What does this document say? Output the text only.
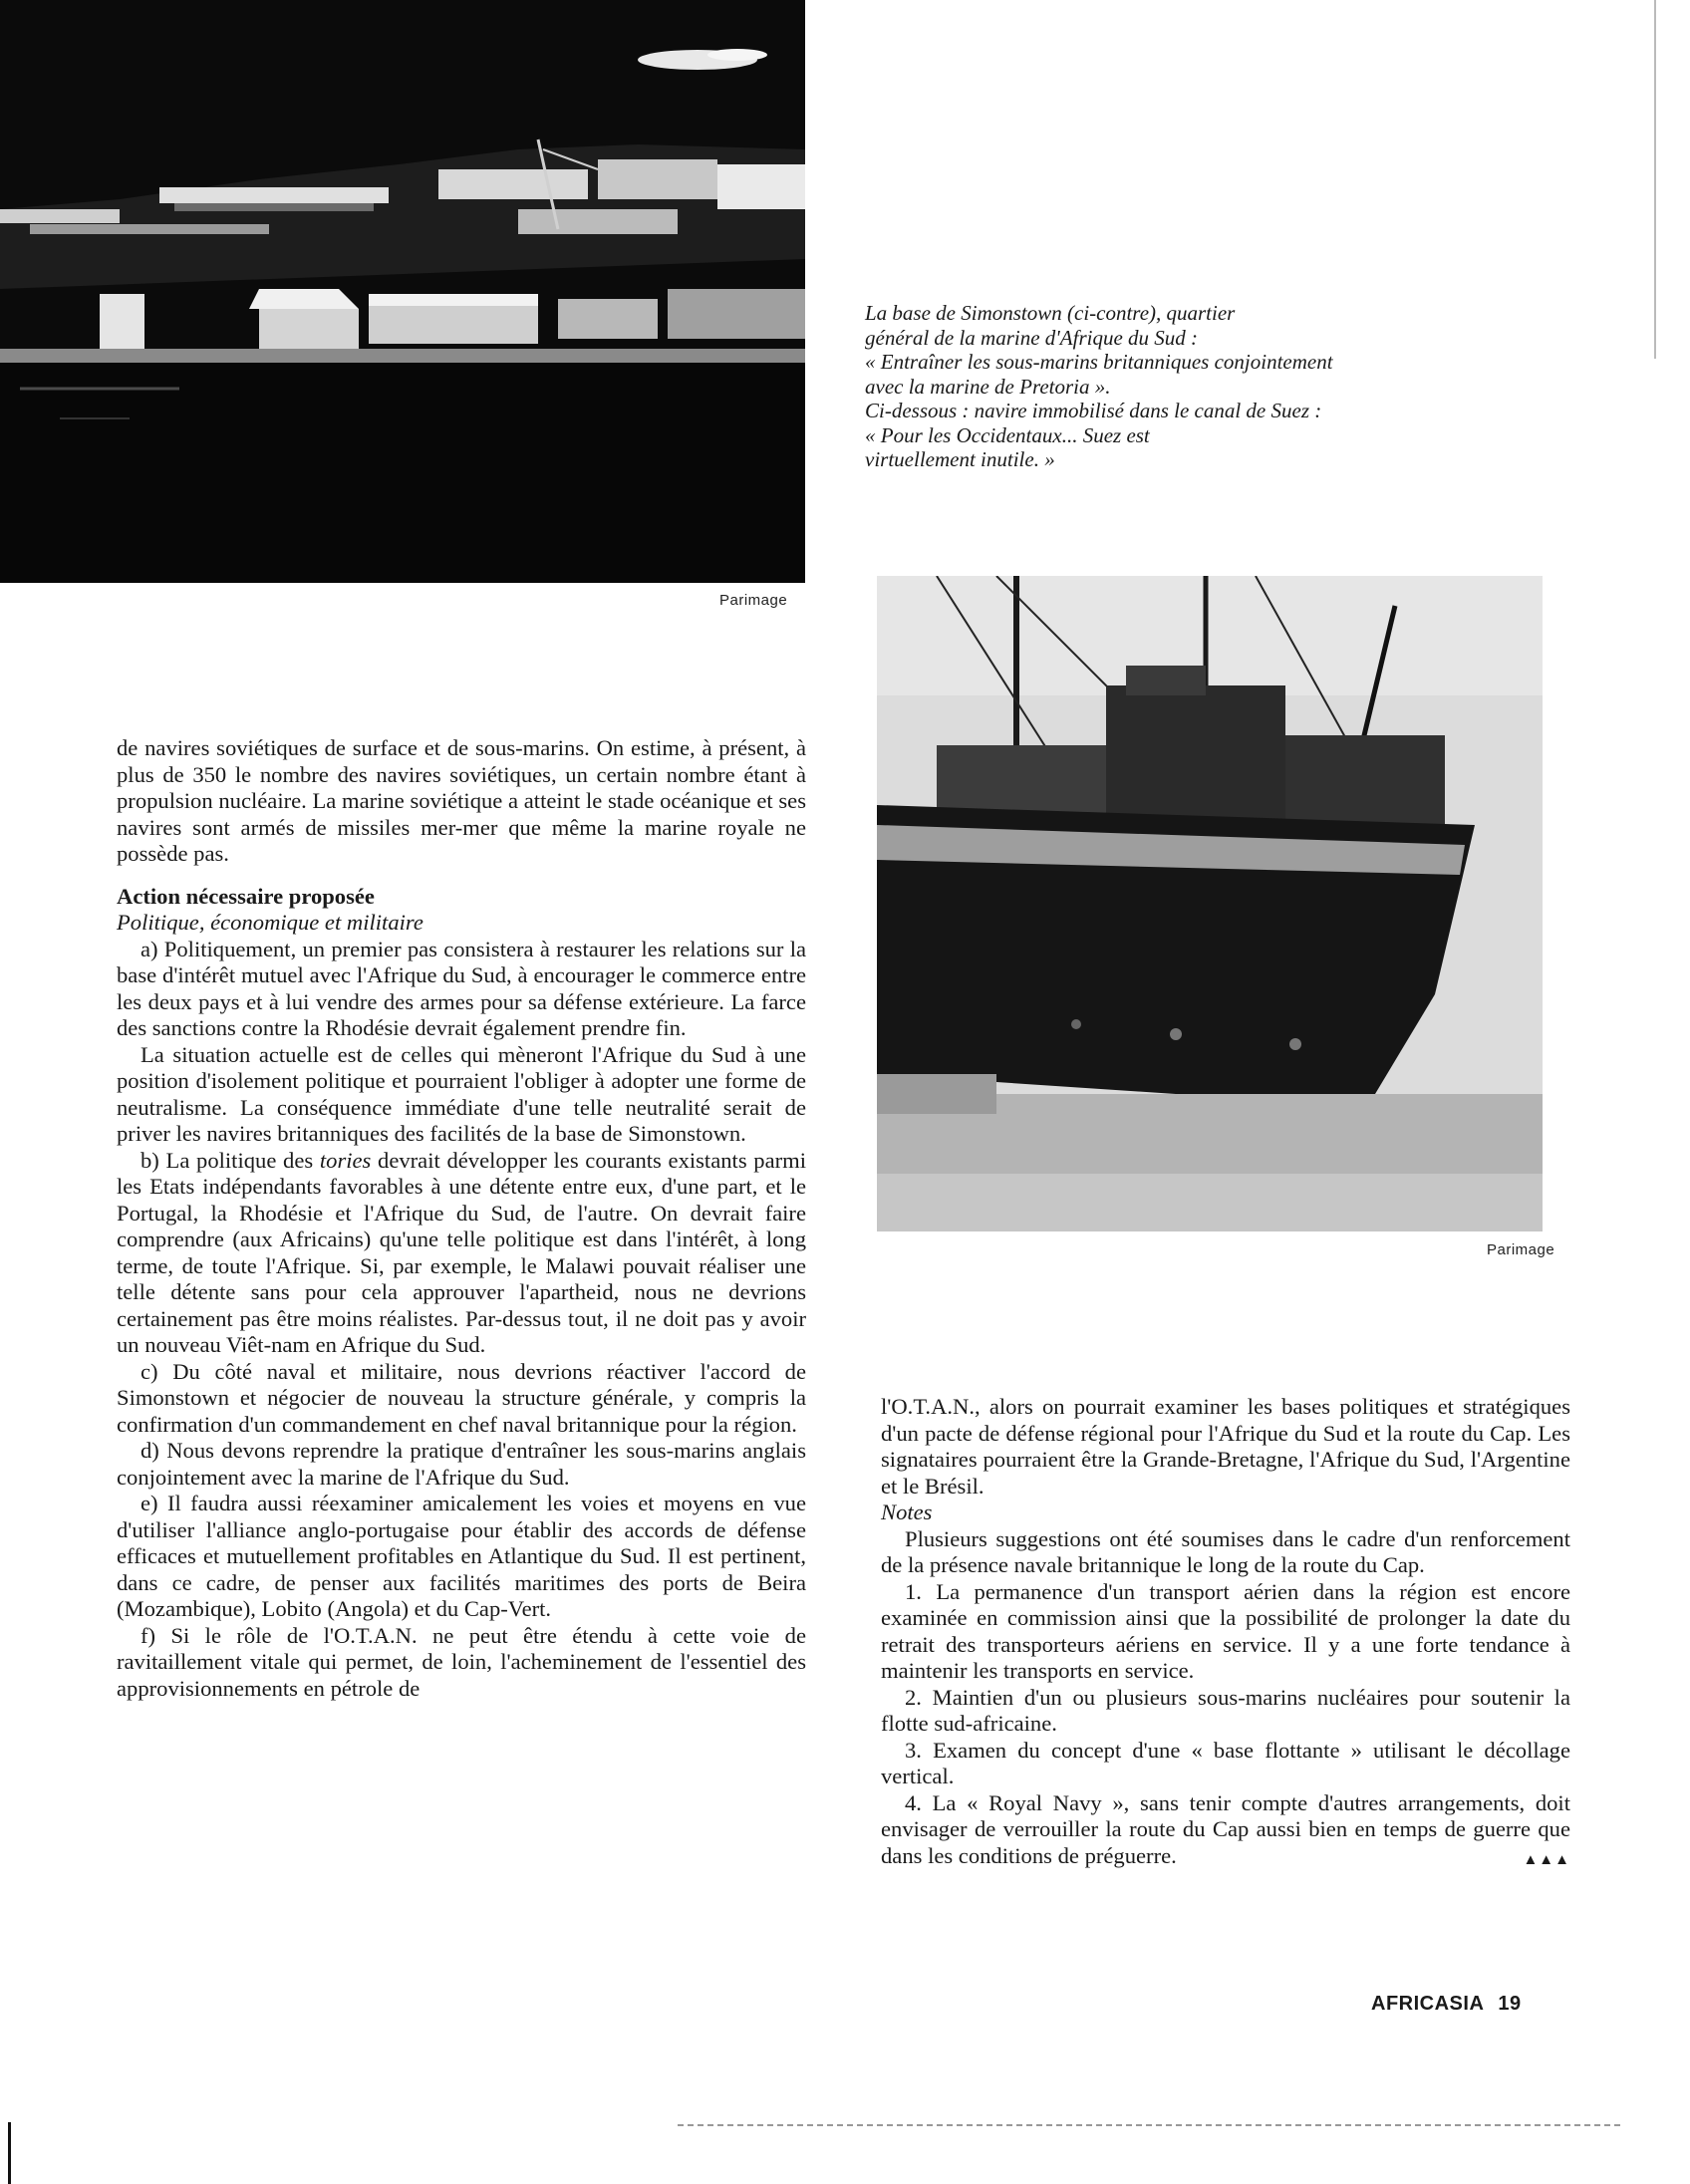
Parimage

La base de Simonstown (ci-contre), quartier

général de la marine d'Afrique du Sud :

« Entraîner les sous-marins britanniques conjointement

avec la marine de Pretoria ».

Ci-dessous : navire immobilisé dans le canal de Suez :

« Pour les Occidentaux... Suez est

virtuellement inutile. »

Parimage

de navires soviétiques de surface et de sous-marins. On estime, à présent, à plus de 350 le nombre des navires soviétiques, un certain nombre étant à propulsion nucléaire. La marine soviétique a atteint le stade océanique et ses navires sont armés de missiles mer-mer que même la marine royale ne possède pas.

Action nécessaire proposée

Politique, économique et militaire

a) Politiquement, un premier pas consistera à restaurer les relations sur la base d'intérêt mutuel avec l'Afrique du Sud, à encourager le commerce entre les deux pays et à lui vendre des armes pour sa défense extérieure. La farce des sanctions contre la Rhodésie devrait également prendre fin.

La situation actuelle est de celles qui mèneront l'Afrique du Sud à une position d'isolement politique et pourraient l'obliger à adopter une forme de neutralisme. La conséquence immédiate d'une telle neutralité serait de priver les navires britanniques des facilités de la base de Simonstown.

b) La politique des tories devrait développer les courants existants parmi les Etats indépendants favorables à une détente entre eux, d'une part, et le Portugal, la Rhodésie et l'Afrique du Sud, de l'autre. On devrait faire comprendre (aux Africains) qu'une telle politique est dans l'intérêt, à long terme, de toute l'Afrique. Si, par exemple, le Malawi pouvait réaliser une telle détente sans pour cela approuver l'apartheid, nous ne devrions certainement pas être moins réalistes. Par-dessus tout, il ne doit pas y avoir un nouveau Viêt-nam en Afrique du Sud.

c) Du côté naval et militaire, nous devrions réactiver l'accord de Simonstown et négocier de nouveau la structure générale, y compris la confirmation d'un commandement en chef naval britannique pour la région.

d) Nous devons reprendre la pratique d'entraîner les sous-marins anglais conjointement avec la marine de l'Afrique du Sud.

e) Il faudra aussi réexaminer amicalement les voies et moyens en vue d'utiliser l'alliance anglo-portugaise pour établir des accords de défense efficaces et mutuellement profitables en Atlantique du Sud. Il est pertinent, dans ce cadre, de penser aux facilités maritimes des ports de Beira (Mozambique), Lobito (Angola) et du Cap-Vert.

f) Si le rôle de l'O.T.A.N. ne peut être étendu à cette voie de ravitaillement vitale qui permet, de loin, l'acheminement de l'essentiel des approvisionnements en pétrole de

l'O.T.A.N., alors on pourrait examiner les bases politiques et stratégiques d'un pacte de défense régional pour l'Afrique du Sud et la route du Cap. Les signataires pourraient être la Grande-Bretagne, l'Afrique du Sud, l'Argentine et le Brésil.

Notes

Plusieurs suggestions ont été soumises dans le cadre d'un renforcement de la présence navale britannique le long de la route du Cap.

1. La permanence d'un transport aérien dans la région est encore examinée en commission ainsi que la possibilité de prolonger la date du retrait des transporteurs aériens en service. Il y a une forte tendance à maintenir les transports en service.

2. Maintien d'un ou plusieurs sous-marins nucléaires pour soutenir la flotte sud-africaine.

3. Examen du concept d'une « base flottante » utilisant le décollage vertical.

4. La « Royal Navy », sans tenir compte d'autres arrangements, doit envisager de verrouiller la route du Cap aussi bien en temps de guerre que dans les conditions de préguerre.	▲▲▲

AFRICASIA 19
